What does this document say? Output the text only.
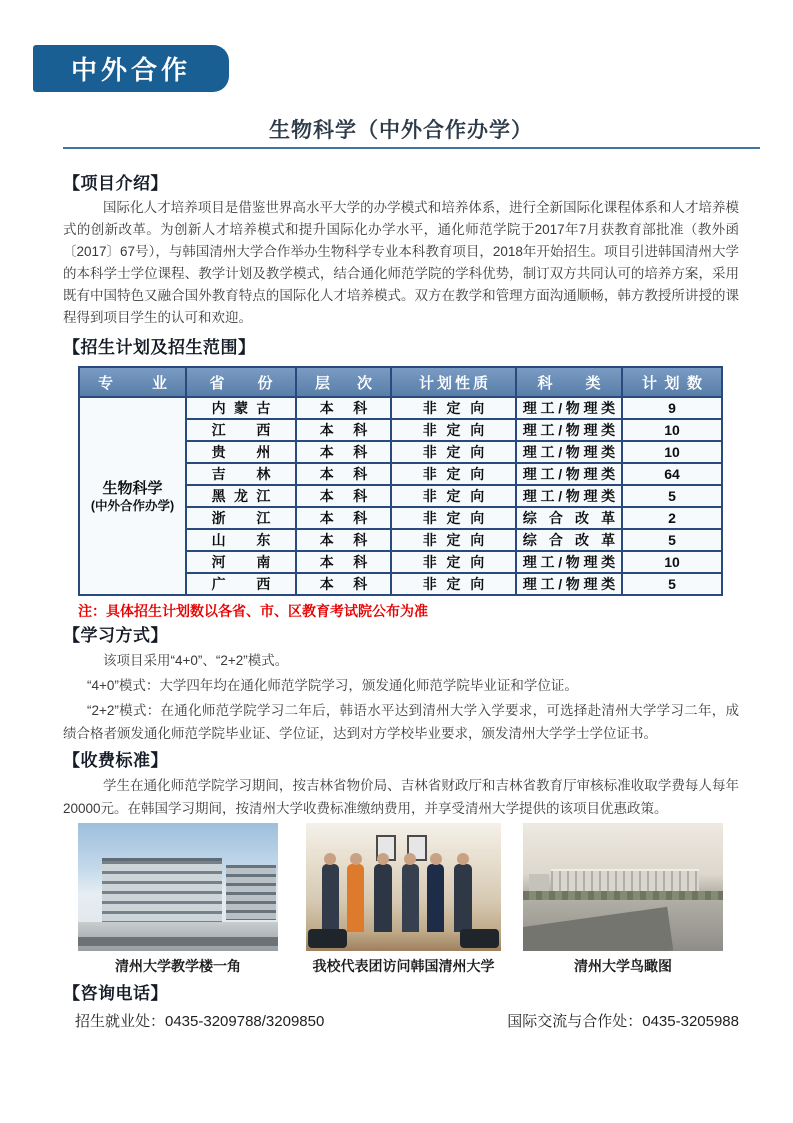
中外合作
生物科学（中外合作办学）
【项目介绍】

国际化人才培养项目是借鉴世界高水平大学的办学模式和培养体系，进行全新国际化课程体系和人才培养模式的创新改革。为创新人才培养模式和提升国际化办学水平，通化师范学院于2017年7月获教育部批准（教外函〔2017〕67号），与韩国清州大学合作举办生物科学专业本科教育项目，2018年开始招生。项目引进韩国清州大学的本科学士学位课程、教学计划及教学模式，结合通化师范学院的学科优势，制订双方共同认可的培养方案，采用既有中国特色又融合国外教育特点的国际化人才培养模式。双方在教学和管理方面沟通顺畅，韩方教授所讲授的课程得到项目学生的认可和欢迎。

【招生计划及招生范围】
专业	省份	层次	计划性质	科类	计划数

生物科学
(中外合作办学)	内蒙古	本科	非定向	理工/物理类	9
	江西	本科	非定向	理工/物理类	10
	贵州	本科	非定向	理工/物理类	10
	吉林	本科	非定向	理工/物理类	64
	黑龙江	本科	非定向	理工/物理类	5
	浙江	本科	非定向	综合改革	2
	山东	本科	非定向	综合改革	5
	河南	本科	非定向	理工/物理类	10
	广西	本科	非定向	理工/物理类	5
注：具体招生计划数以各省、市、区教育考试院公布为准
【学习方式】

该项目采用“4+0”、“2+2”模式。

“4+0”模式：大学四年均在通化师范学院学习，颁发通化师范学院毕业证和学位证。

“2+2”模式：在通化师范学院学习二年后，韩语水平达到清州大学入学要求，可选择赴清州大学学习二年，成绩合格者颁发通化师范学院毕业证、学位证，达到对方学校毕业要求，颁发清州大学学士学位证书。

【收费标准】

学生在通化师范学院学习期间，按吉林省物价局、吉林省财政厅和吉林省教育厅审核标准收取学费每人每年20000元。在韩国学习期间，按清州大学收费标准缴纳费用，并享受清州大学提供的该项目优惠政策。

清州大学教学楼一角	我校代表团访问韩国清州大学	清州大学鸟瞰图
【咨询电话】
招生就业处：0435-3209788/3209850	国际交流与合作处：0435-3205988
